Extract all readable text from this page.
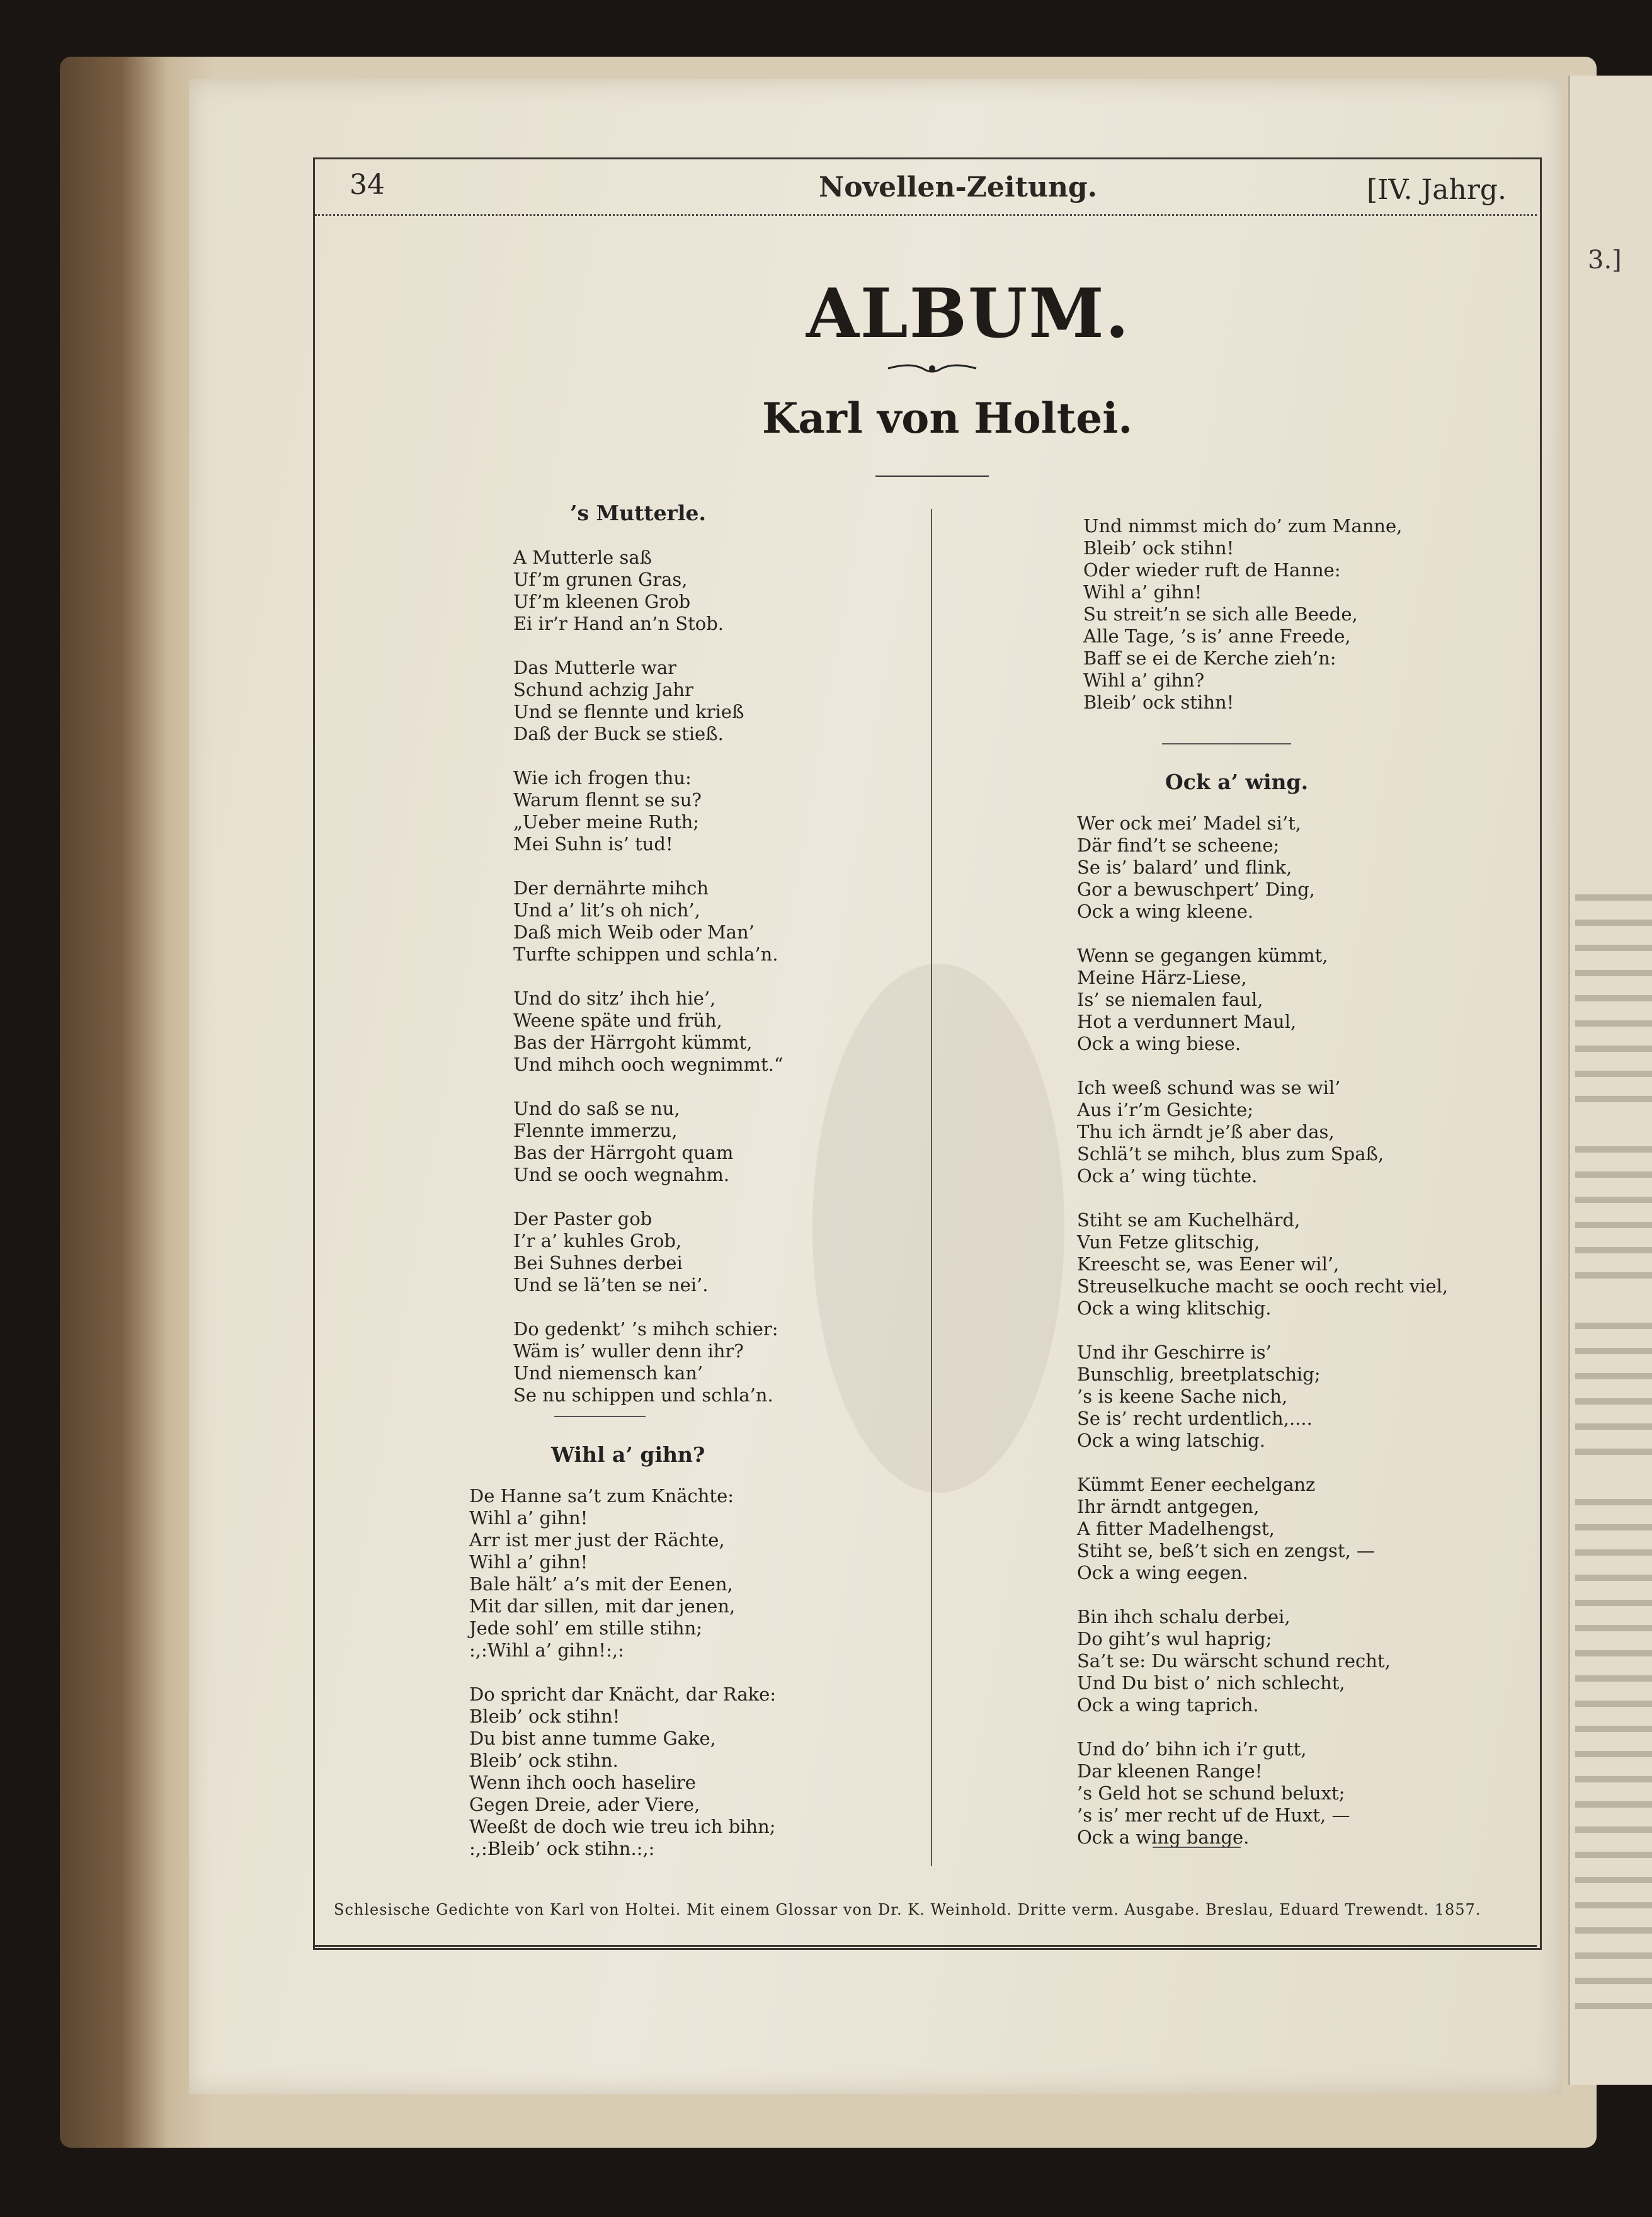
3.]
34	Novellen-Zeitung.	[IV. Jahrg.
ALBUM.
Karl von Holtei.
’s Mutterle.
A Mutterle saß
Uf’m grunen Gras,
Uf’m kleenen Grob
Ei ir’r Hand an’n Stob.

Das Mutterle war
Schund achzig Jahr
Und se flennte und krieß
Daß der Buck se stieß.

Wie ich frogen thu:
Warum flennt se su?
„Ueber meine Ruth;
Mei Suhn is’ tud!

Der dernährte mihch
Und a’ lit’s oh nich’,
Daß mich Weib oder Man’
Turfte schippen und schla’n.

Und do sitz’ ihch hie’,
Weene späte und früh,
Bas der Härrgoht kümmt,
Und mihch ooch wegnimmt.“

Und do saß se nu,
Flennte immerzu,
Bas der Härrgoht quam
Und se ooch wegnahm.

Der Paster gob
I’r a’ kuhles Grob,
Bei Suhnes derbei
Und se lä’ten se nei’.

Do gedenkt’ ’s mihch schier:
Wäm is’ wuller denn ihr?
Und niemensch kan’
Se nu schippen und schla’n.
Wihl a’ gihn?
De Hanne sa’t zum Knächte:
Wihl a’ gihn!
Arr ist mer just der Rächte,
Wihl a’ gihn!
Bale hält’ a’s mit der Eenen,
Mit dar sillen, mit dar jenen,
Jede sohl’ em stille stihn;
:,:Wihl a’ gihn!:,:

Do spricht dar Knächt, dar Rake:
Bleib’ ock stihn!
Du bist anne tumme Gake,
Bleib’ ock stihn.
Wenn ihch ooch haselire
Gegen Dreie, ader Viere,
Weeßt de doch wie treu ich bihn;
:,:Bleib’ ock stihn.:,:
Und nimmst mich do’ zum Manne,
Bleib’ ock stihn!
Oder wieder ruft de Hanne:
Wihl a’ gihn!
Su streit’n se sich alle Beede,
Alle Tage, ’s is’ anne Freede,
Baff se ei de Kerche zieh’n:
Wihl a’ gihn?
Bleib’ ock stihn!
Ock a’ wing.
Wer ock mei’ Madel si’t,
Där find’t se scheene;
Se is’ balard’ und flink,
Gor a bewuschpert’ Ding,
Ock a wing kleene.

Wenn se gegangen kümmt,
Meine Härz-Liese,
Is’ se niemalen faul,
Hot a verdunnert Maul,
Ock a wing biese.

Ich weeß schund was se wil’
Aus i’r’m Gesichte;
Thu ich ärndt je’ß aber das,
Schlä’t se mihch, blus zum Spaß,
Ock a’ wing tüchte.

Stiht se am Kuchelhärd,
Vun Fetze glitschig,
Kreescht se, was Eener wil’,
Streuselkuche macht se ooch recht viel,
Ock a wing klitschig.

Und ihr Geschirre is’
Bunschlig, breetplatschig;
’s is keene Sache nich,
Se is’ recht urdentlich,....
Ock a wing latschig.

Kümmt Eener eechelganz
Ihr ärndt antgegen,
A fitter Madelhengst,
Stiht se, beß’t sich en zengst, —
Ock a wing eegen.

Bin ihch schalu derbei,
Do giht’s wul haprig;
Sa’t se: Du wärscht schund recht,
Und Du bist o’ nich schlecht,
Ock a wing taprich.

Und do’ bihn ich i’r gutt,
Dar kleenen Range!
’s Geld hot se schund beluxt;
’s is’ mer recht uf de Huxt, —
Ock a wing bange.
Schlesische Gedichte von Karl von Holtei. Mit einem Glossar von Dr. K. Weinhold. Dritte verm. Ausgabe. Breslau, Eduard Trewendt. 1857.
